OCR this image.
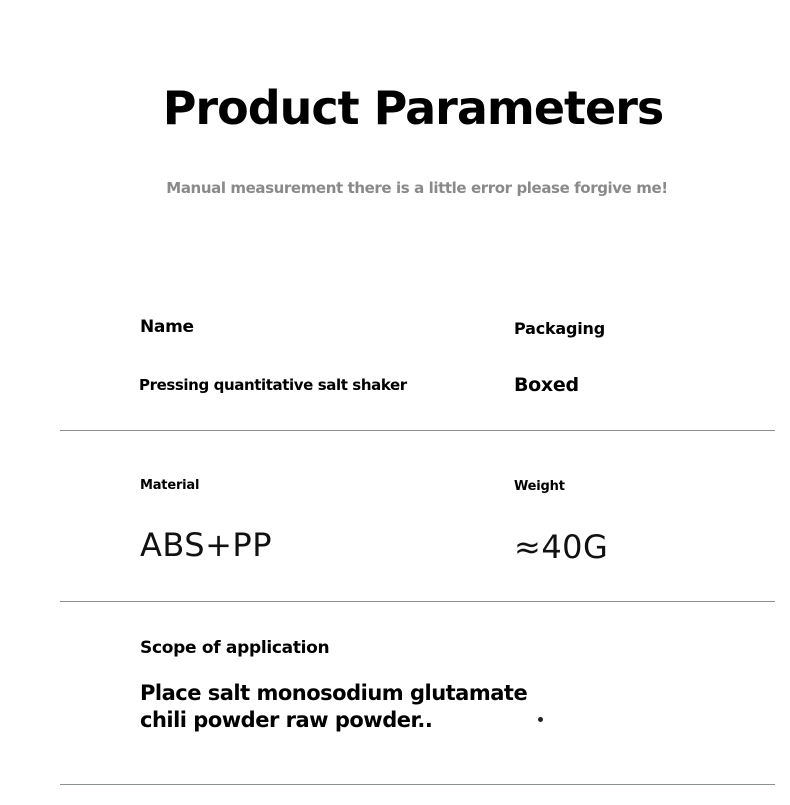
Product Parameters
Manual measurement there is a little error please forgive me!
Name
Pressing quantitative salt shaker
Packaging
Boxed
Material
ABS+PP
Weight
≈40G
Scope of application
Place salt monosodium glutamate
chili powder raw powder..
